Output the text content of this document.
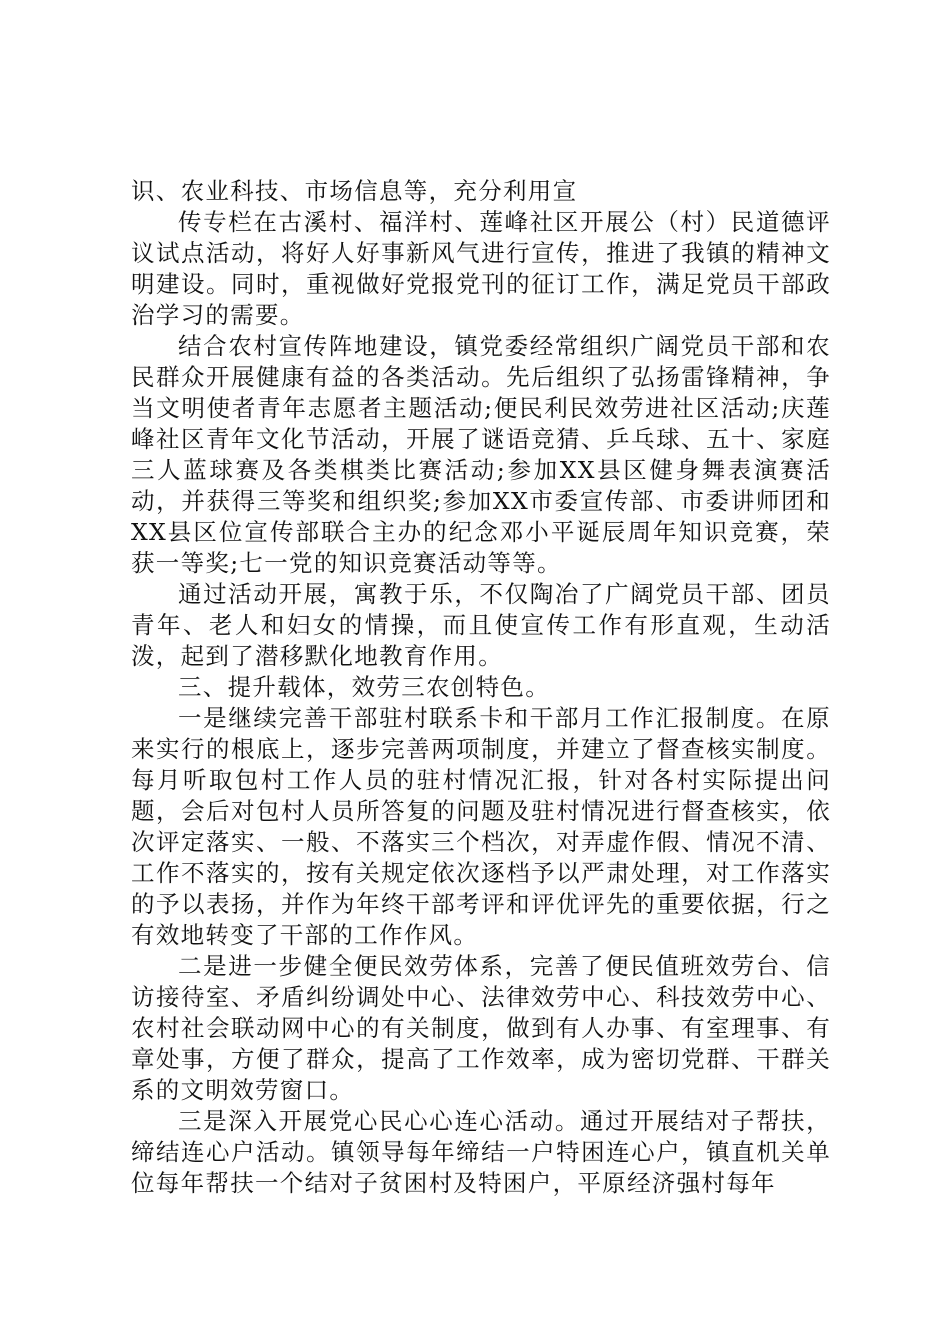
识、农业科技、市场信息等，充分利用宣

传专栏在古溪村、福洋村、莲峰社区开展公（村）民道德评议试点活动，将好人好事新风气进行宣传，推进了我镇的精神文明建设。同时，重视做好党报党刊的征订工作，满足党员干部政治学习的需要。

结合农村宣传阵地建设，镇党委经常组织广阔党员干部和农民群众开展健康有益的各类活动。先后组织了弘扬雷锋精神，争当文明使者青年志愿者主题活动;便民利民效劳进社区活动;庆莲峰社区青年文化节活动，开展了谜语竞猜、乒乓球、五十、家庭三人蓝球赛及各类棋类比赛活动;参加XX县区健身舞表演赛活动，并获得三等奖和组织奖;参加XX市委宣传部、市委讲师团和XX县区位宣传部联合主办的纪念邓小平诞辰周年知识竞赛，荣获一等奖;七一党的知识竞赛活动等等。

通过活动开展，寓教于乐，不仅陶冶了广阔党员干部、团员青年、老人和妇女的情操，而且使宣传工作有形直观，生动活泼，起到了潜移默化地教育作用。

三、提升载体，效劳三农创特色。

一是继续完善干部驻村联系卡和干部月工作汇报制度。在原来实行的根底上，逐步完善两项制度，并建立了督查核实制度。每月听取包村工作人员的驻村情况汇报，针对各村实际提出问题，会后对包村人员所答复的问题及驻村情况进行督查核实，依次评定落实、一般、不落实三个档次，对弄虚作假、情况不清、工作不落实的，按有关规定依次逐档予以严肃处理，对工作落实的予以表扬，并作为年终干部考评和评优评先的重要依据，行之有效地转变了干部的工作作风。

二是进一步健全便民效劳体系，完善了便民值班效劳台、信访接待室、矛盾纠纷调处中心、法律效劳中心、科技效劳中心、农村社会联动网中心的有关制度，做到有人办事、有室理事、有章处事，方便了群众，提高了工作效率，成为密切党群、干群关系的文明效劳窗口。

三是深入开展党心民心心连心活动。通过开展结对子帮扶，缔结连心户活动。镇领导每年缔结一户特困连心户，镇直机关单位每年帮扶一个结对子贫困村及特困户，平原经济强村每年
